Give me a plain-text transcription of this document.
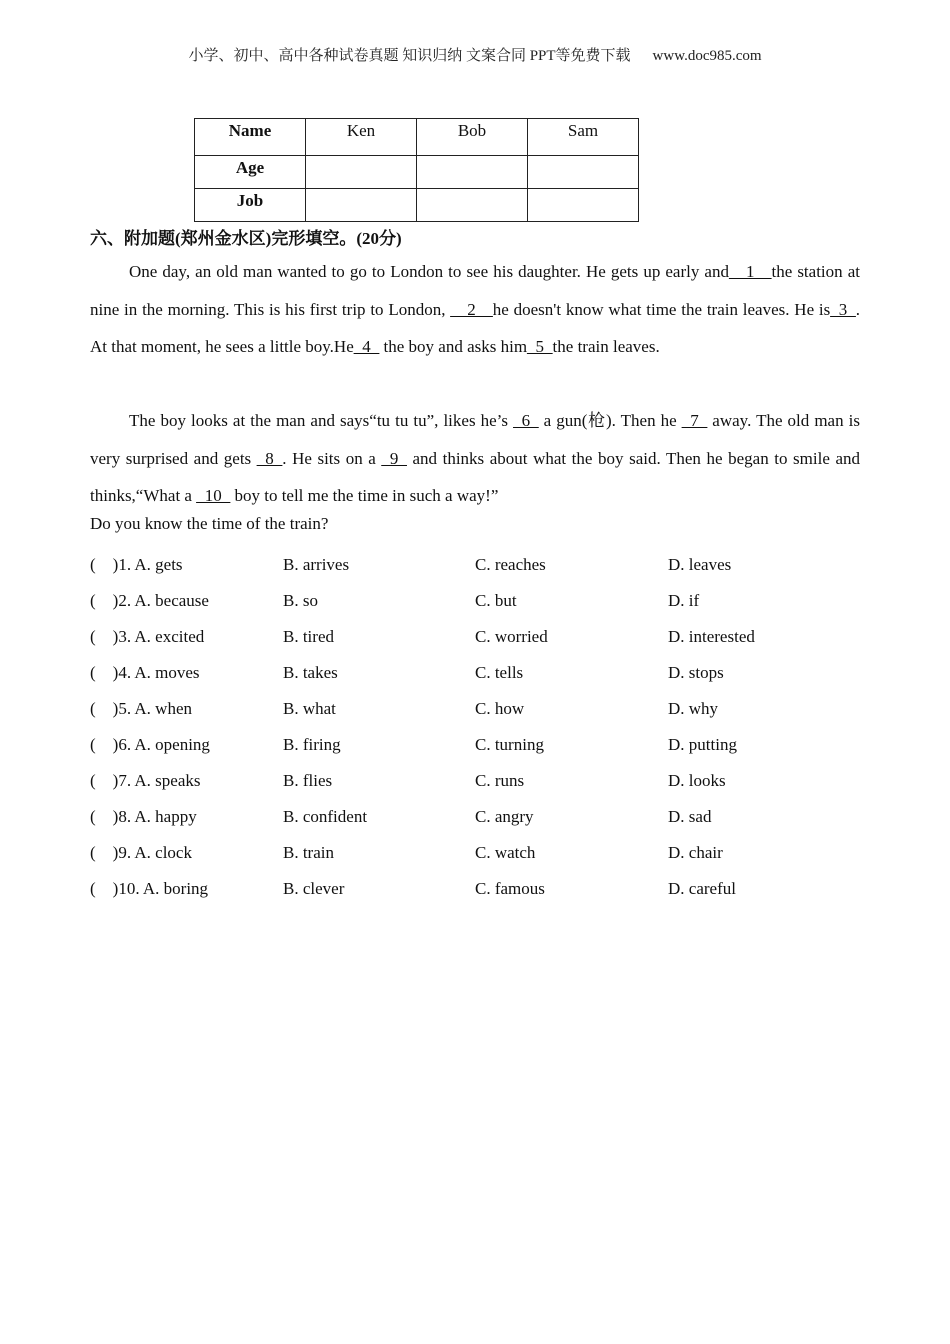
小学、初中、高中各种试卷真题 知识归纳 文案合同 PPT等免费下载 www.doc985.com
Name	Ken	Bob	Sam
Age			
Job			
六、附加题(郑州金水区)完形填空。(20分)

One day, an old man wanted to go to London to see his daughter. He gets up early and__1__the station at nine in the morning. This is his first trip to London, __2__he doesn't know what time the train leaves. He is_3_. At that moment, he sees a little boy.He_4_ the boy and asks him_5_the train leaves.

The boy looks at the man and says“tu tu tu”, likes he’s _6_ a gun(枪). Then he _7_ away. The old man is very surprised and gets _8_. He sits on a _9_ and thinks about what the boy said. Then he began to smile and thinks,“What a _10_ boy to tell me the time in such a way!”

Do you know the time of the train?
(    )1. A. gets	B. arrives	C. reaches	D. leaves
(    )2. A. because	B. so	C. but	D. if
(    )3. A. excited	B. tired	C. worried	D. interested
(    )4. A. moves	B. takes	C. tells	D. stops
(    )5. A. when	B. what	C. how	D. why
(    )6. A. opening	B. firing	C. turning	D. putting
(    )7. A. speaks	B. flies	C. runs	D. looks
(    )8. A. happy	B. confident	C. angry	D. sad
(    )9. A. clock	B. train	C. watch	D. chair
(    )10. A. boring	B. clever	C. famous	D. careful
